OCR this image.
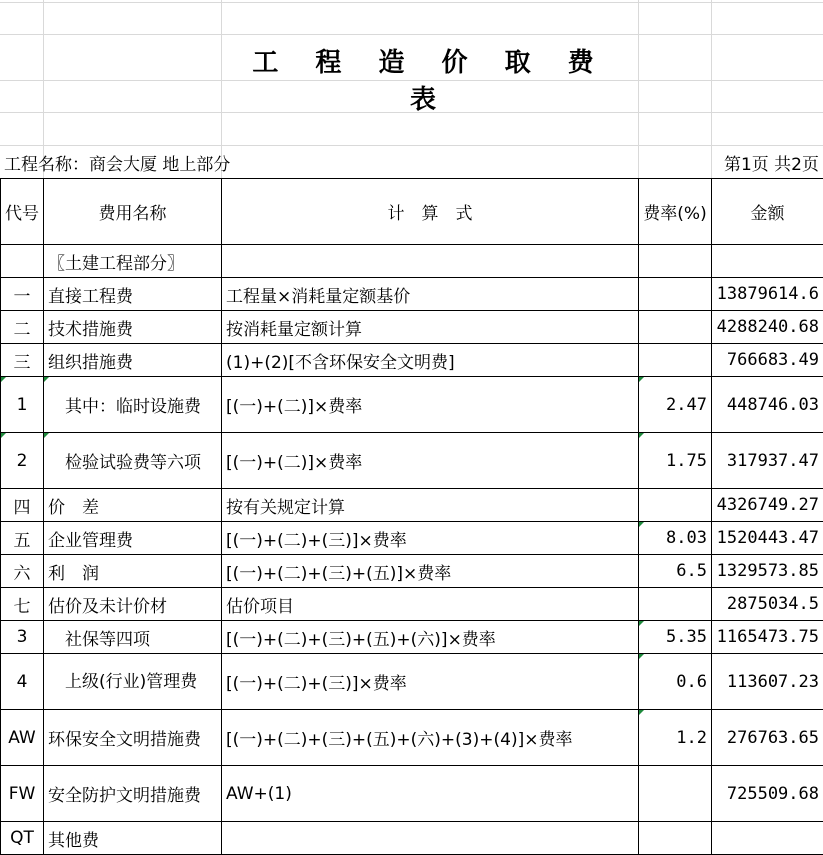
工 程 造 价 取 费 表
工程名称：商会大厦 地上部分	第1页 共2页
代号	费用名称	计　算　式	费率(%)	金额
	〖土建工程部分〗			
一	直接工程费	工程量×消耗量定额基价		13879614.6
二	技术措施费	按消耗量定额计算		4288240.68
三	组织措施费	(1)+(2)[不含环保安全文明费]		766683.49

1	　其中：临时设施费	[(一)+(二)]×费率	2.47	448746.03

2	　检验试验费等六项	[(一)+(二)]×费率	1.75	317937.47
四	价　差	按有关规定计算		4326749.27
五	企业管理费	[(一)+(二)+(三)]×费率	8.03	1520443.47
六	利　润	[(一)+(二)+(三)+(五)]×费率	6.5	1329573.85
七	估价及未计价材	估价项目		2875034.5
3	　社保等四项	[(一)+(二)+(三)+(五)+(六)]×费率	5.35	1165473.75
4	　上级(行业)管理费	[(一)+(二)+(三)]×费率	0.6	113607.23
AW	环保安全文明措施费	[(一)+(二)+(三)+(五)+(六)+(3)+(4)]×费率	1.2	276763.65
FW	安全防护文明措施费	AW+(1)		725509.68
QT	其他费			
